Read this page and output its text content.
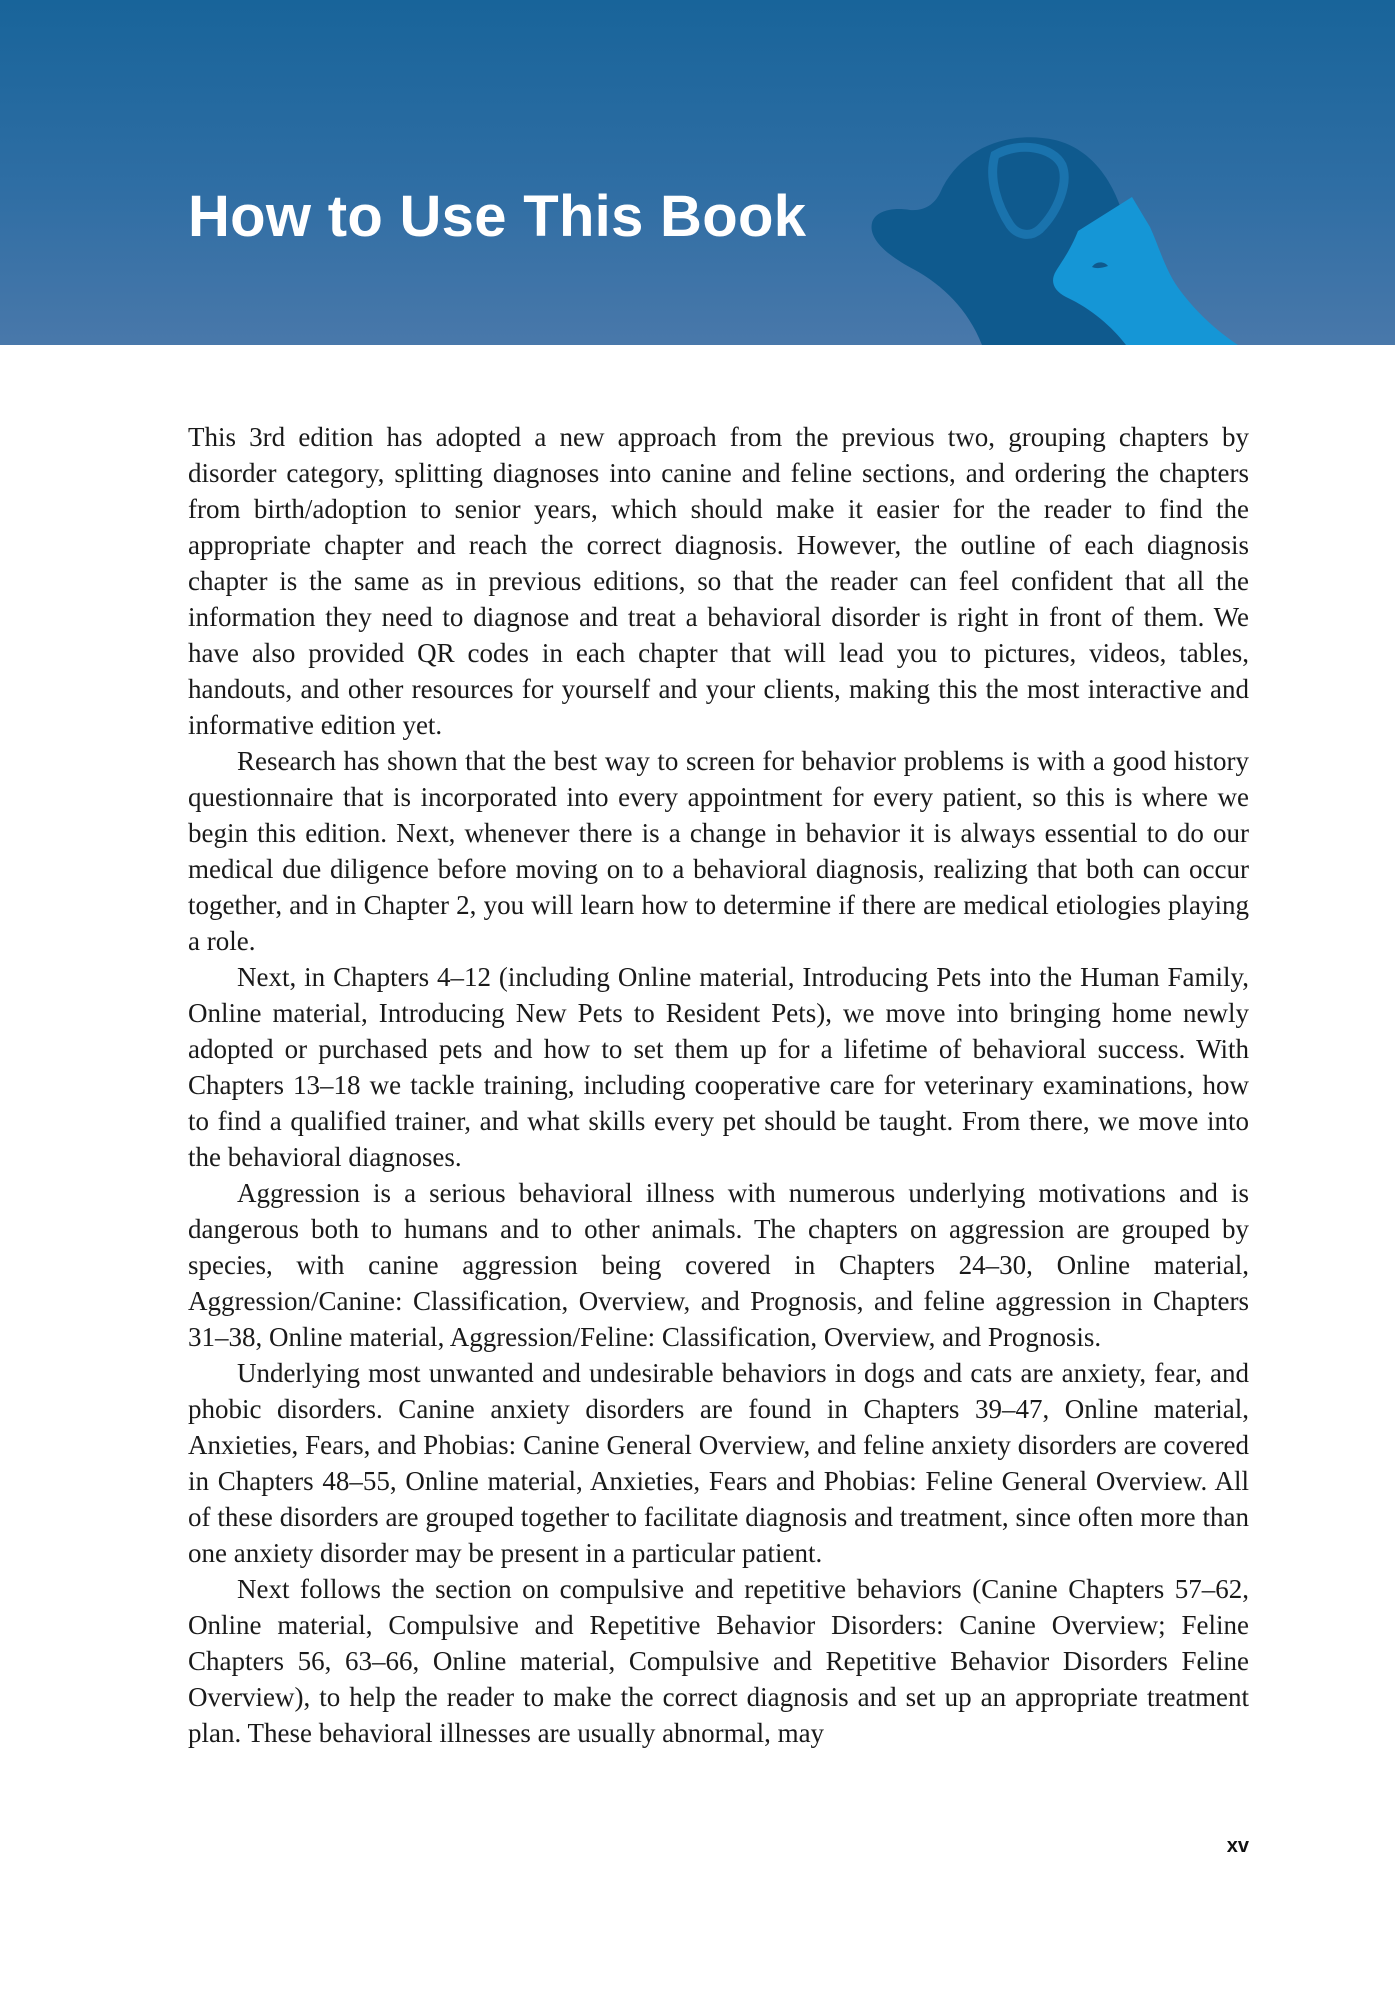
How to Use This Book

This 3rd edition has adopted a new approach from the previous two, grouping chapters by disorder category, splitting diagnoses into canine and feline sections, and ordering the chapters from birth/adoption to senior years, which should make it easier for the reader to find the appropriate chapter and reach the correct diagnosis. However, the outline of each diagnosis chapter is the same as in previous editions, so that the reader can feel confident that all the information they need to diagnose and treat a behavioral disorder is right in front of them. We have also provided QR codes in each chapter that will lead you to pictures, videos, tables, handouts, and other resources for yourself and your clients, making this the most interactive and informative edition yet.

Research has shown that the best way to screen for behavior problems is with a good history questionnaire that is incorporated into every appointment for every patient, so this is where we begin this edition. Next, whenever there is a change in behavior it is always essential to do our medical due diligence before moving on to a behavioral diagnosis, realizing that both can occur together, and in Chapter 2, you will learn how to determine if there are medical etiologies playing a role.

Next, in Chapters 4–12 (including Online material, Introducing Pets into the Human Family, Online material, Introducing New Pets to Resident Pets), we move into bringing home newly adopted or purchased pets and how to set them up for a lifetime of behavioral success. With Chapters 13–18 we tackle training, including cooperative care for veterinary examinations, how to find a qualified trainer, and what skills every pet should be taught. From there, we move into the behavioral diagnoses.

Aggression is a serious behavioral illness with numerous underlying motivations and is dangerous both to humans and to other animals. The chapters on aggression are grouped by species, with canine aggression being covered in Chapters 24–30, Online material, Aggression/Canine: Classification, Overview, and Prognosis, and feline aggression in Chapters 31–38, Online material, Aggression/Feline: Classification, Overview, and Prognosis.

Underlying most unwanted and undesirable behaviors in dogs and cats are anxiety, fear, and phobic disorders. Canine anxiety disorders are found in Chapters 39–47, Online material, Anxieties, Fears, and Phobias: Canine General Overview, and feline anxiety disorders are covered in Chapters 48–55, Online material, Anxieties, Fears and Phobias: Feline General Overview. All of these disorders are grouped together to facilitate diagnosis and treatment, since often more than one anxiety disorder may be present in a particular patient.

Next follows the section on compulsive and repetitive behaviors (Canine Chapters 57–62, Online material, Compulsive and Repetitive Behavior Disorders: Canine Overview; Feline Chapters 56, 63–66, Online material, Compulsive and Repetitive Behavior Disorders Feline Overview), to help the reader to make the correct diagnosis and set up an appropriate treatment plan. These behavioral illnesses are usually abnormal, may

xv
